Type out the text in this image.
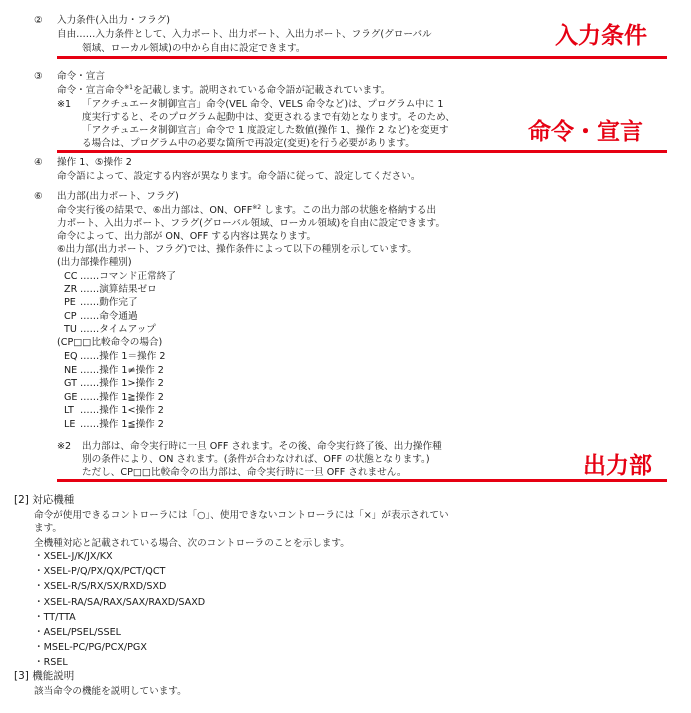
② 入力条件(入出力・フラグ)
自由……入力条件として、入力ポート、出力ポート、入出力ポート、フラグ(グローバル
領域、ローカル領域)の中から自由に設定できます。	入力条件
③ 命令・宣言
命令・宣言命令$^{※1}$を記載します。説明されている命令語が記載されています。
※1 「アクチュエータ制御宣言」命令(VEL 命令、VELS 命令など)は、プログラム中に 1
度実行すると、そのプログラム起動中は、変更されるまで有効となります。そのため、
「アクチュエータ制御宣言」命令で 1 度設定した数値(操作 1、操作 2 など)を変更す
る場合は、プログラム中の必要な箇所で再設定(変更)を行う必要があります。	命令・宣言
④ 操作 1、⑤操作 2
命令語によって、設定する内容が異なります。命令語に従って、設定してください。
⑥ 出力部(出力ポート、フラグ)
命令実行後の結果で、⑥出力部は、ON、OFF$^{※2}$ します。この出力部の状態を格納する出
力ポート、入出力ポート、フラグ(グローバル領域、ローカル領域)を自由に設定できます。
命令によって、出力部が ON、OFF する内容は異なります。
⑥出力部(出力ポート、フラグ)では、操作条件によって以下の種別を示しています。
(出力部操作種別)
CC ……コマンド正常終了
ZR ……演算結果ゼロ
PE ……動作完了
CP ……命令通過
TU ……タイムアップ
(CP□□比較命令の場合)
EQ ……操作 1＝操作 2
NE ……操作 1≠操作 2
GT ……操作 1>操作 2
GE ……操作 1≧操作 2
LT ……操作 1<操作 2
LE ……操作 1≦操作 2
※2 出力部は、命令実行時に一旦 OFF されます。その後、命令実行終了後、出力操作種
別の条件により、ON されます。(条件が合わなければ、OFF の状態となります。)
ただし、CP□□比較命令の出力部は、命令実行時に一旦 OFF されません。	出力部
[2] 対応機種
命令が使用できるコントローラには「○」、使用できないコントローラには「×」が表示されてい
ます。
全機種対応と記載されている場合、次のコントローラのことを示します。
・XSEL-J/K/JX/KX
・XSEL-P/Q/PX/QX/PCT/QCT
・XSEL-R/S/RX/SX/RXD/SXD
・XSEL-RA/SA/RAX/SAX/RAXD/SAXD
・TT/TTA
・ASEL/PSEL/SSEL
・MSEL-PC/PG/PCX/PGX
・RSEL
[3] 機能説明
該当命令の機能を説明しています。
